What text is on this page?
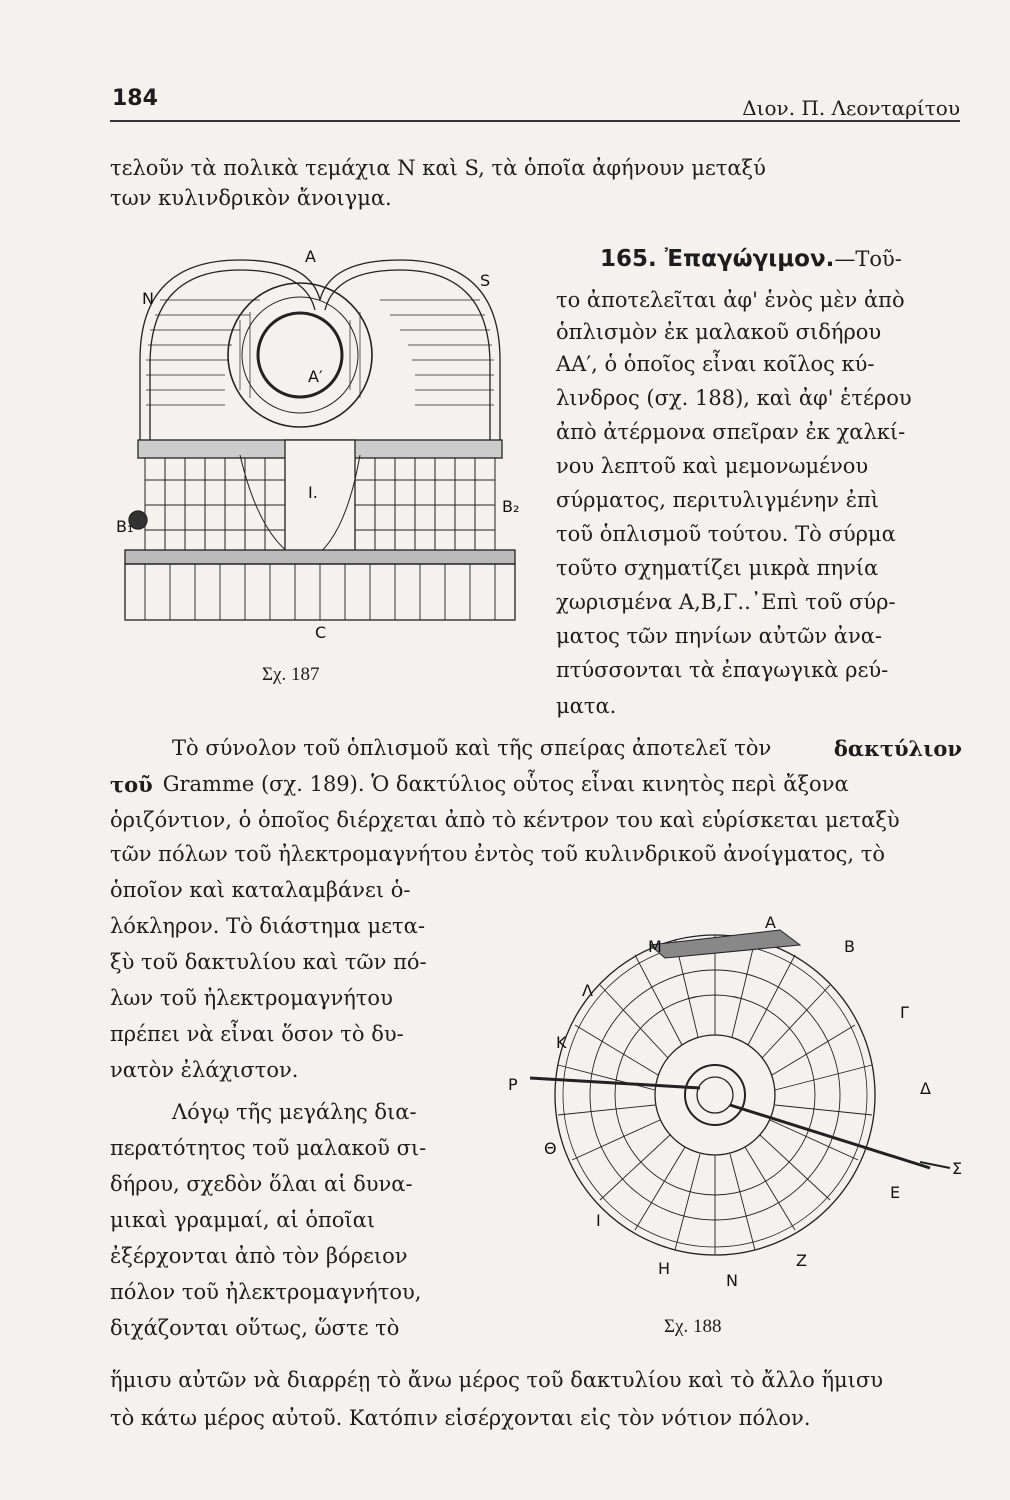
184	Διον. Π. Λεονταρίτου
τελοῦν τὰ πολικὰ τεμάχια N καὶ S, τὰ ὁποῖα ἀφήνουν μεταξύ
των κυλινδρικὸν ἄνοιγμα.
A
N
S
A′
I.
B₁
B₂
C
Σχ. 187
165. Ἐπαγώγιμον.—Τοῦ-
το ἀποτελεῖται ἀφ' ἑνὸς μὲν ἀπὸ
ὁπλισμὸν ἐκ μαλακοῦ σιδήρου
AA′, ὁ ὁποῖος εἶναι κοῖλος κύ-
λινδρος (σχ. 188), καὶ ἀφ' ἑτέρου
ἀπὸ ἀτέρμονα σπεῖραν ἐκ χαλκί-
νου λεπτοῦ καὶ μεμονωμένου
σύρματος, περιτυλιγμένην ἐπὶ
τοῦ ὁπλισμοῦ τούτου. Τὸ σύρμα
τοῦτο σχηματίζει μικρὰ πηνία
χωρισμένα A,B,Γ..᾿Επὶ τοῦ σύρ-
ματος τῶν πηνίων αὐτῶν ἀνα-
πτύσσονται τὰ ἐπαγωγικὰ ρεύ-
ματα.
Τὸ σύνολον τοῦ ὁπλισμοῦ καὶ τῆς σπείρας ἀποτελεῖ τὸν	δακτύλιον
τοῦ Gramme (σχ. 189). Ὁ δακτύλιος οὗτος εἶναι κινητὸς περὶ ἄξονα
ὁριζόντιον, ὁ ὁποῖος διέρχεται ἀπὸ τὸ κέντρον του καὶ εὑρίσκεται μεταξὺ
τῶν πόλων τοῦ ἠλεκτρομαγνήτου ἐντὸς τοῦ κυλινδρικοῦ ἀνοίγματος, τὸ
ὁποῖον καὶ καταλαμβάνει ὁ-
λόκληρον. Τὸ διάστημα μετα-
ξὺ τοῦ δακτυλίου καὶ τῶν πό-
λων τοῦ ἠλεκτρομαγνήτου
πρέπει νὰ εἶναι ὅσον τὸ δυ-
νατὸν ἐλάχιστον.
Λόγῳ τῆς μεγάλης δια-
περατότητος τοῦ μαλακοῦ σι-
δήρου, σχεδὸν ὅλαι αἱ δυνα-
μικαὶ γραμμαί, αἱ ὁποῖαι
ἐξέρχονται ἀπὸ τὸν βόρειον
πόλον τοῦ ἠλεκτρομαγνήτου,
διχάζονται οὕτως, ὥστε τὸ
ἥμισυ αὐτῶν νὰ διαρρέῃ τὸ ἄνω μέρος τοῦ δακτυλίου καὶ τὸ ἄλλο ἥμισυ
τὸ κάτω μέρος αὐτοῦ. Κατόπιν εἰσέρχονται εἰς τὸν νότιον πόλον.
A
M	B
Λ
Γ
K
P	Δ
Θ
Σ
E
I
Z
H
N
Σχ. 188
